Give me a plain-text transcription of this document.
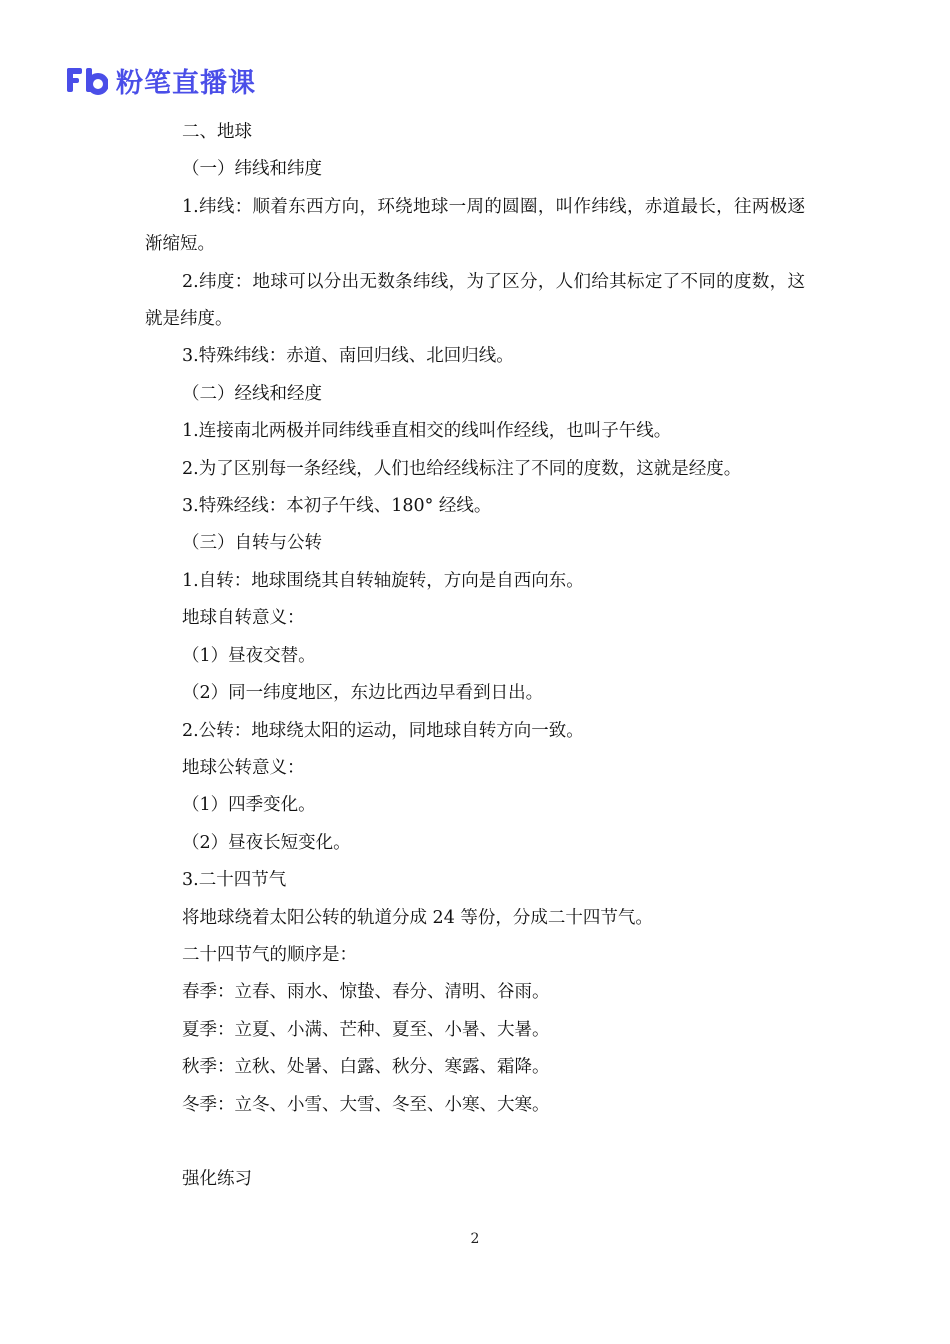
粉笔直播课

二、地球

（一）纬线和纬度

1.纬线：顺着东西方向，环绕地球一周的圆圈，叫作纬线，赤道最长，往两极逐渐缩短。

2.纬度：地球可以分出无数条纬线，为了区分，人们给其标定了不同的度数，这就是纬度。

3.特殊纬线：赤道、南回归线、北回归线。

（二）经线和经度

1.连接南北两极并同纬线垂直相交的线叫作经线，也叫子午线。

2.为了区别每一条经线，人们也给经线标注了不同的度数，这就是经度。

3.特殊经线：本初子午线、180° 经线。

（三）自转与公转

1.自转：地球围绕其自转轴旋转，方向是自西向东。

地球自转意义：

（1）昼夜交替。

（2）同一纬度地区，东边比西边早看到日出。

2.公转：地球绕太阳的运动，同地球自转方向一致。

地球公转意义：

（1）四季变化。

（2）昼夜长短变化。

3.二十四节气

将地球绕着太阳公转的轨道分成 24 等份，分成二十四节气。

二十四节气的顺序是：

春季：立春、雨水、惊蛰、春分、清明、谷雨。

夏季：立夏、小满、芒种、夏至、小暑、大暑。

秋季：立秋、处暑、白露、秋分、寒露、霜降。

冬季：立冬、小雪、大雪、冬至、小寒、大寒。

强化练习

2
